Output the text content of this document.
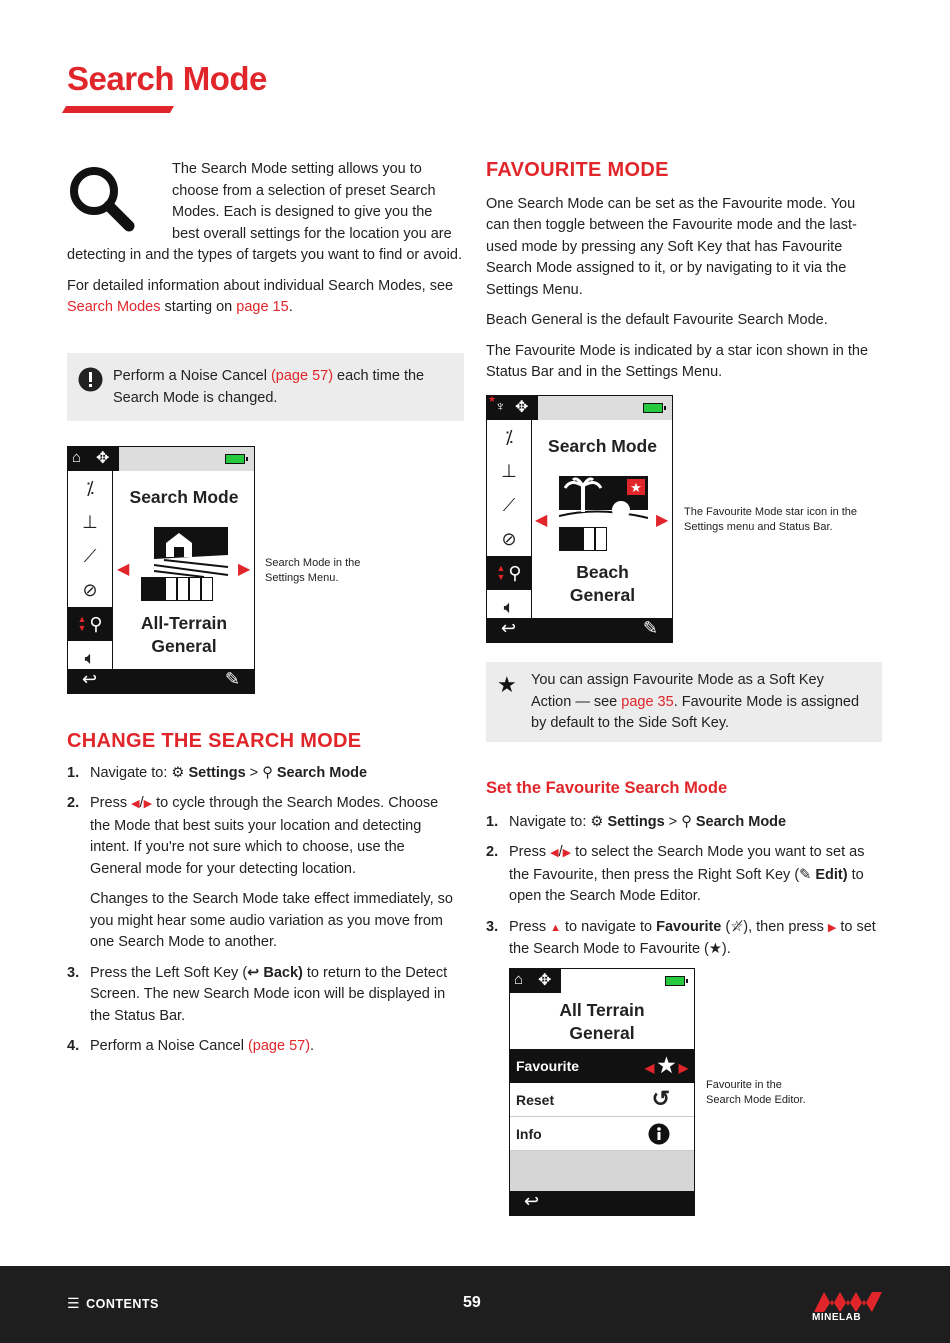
Search Mode

The Search Mode setting allows you to choose from a selection of preset Search Modes. Each is designed to give you the best overall settings for the location you are detecting in and the types of targets you want to find or avoid.

For detailed information about individual Search Modes, see Search Modes starting on page 15.

Perform a Noise Cancel (page 57) each time the Search Mode is changed.
⌂ ✥
⁒
⊥
⟋
⊘
▲
▼ ⚲
🔈︎
Search Mode
◀	▶
All-Terrain
General
↩	✎
Search Mode in the Settings Menu.
CHANGE THE SEARCH MODE
1. Navigate to: ⚙ Settings > ⚲ Search Mode
2. Press ◀/▶ to cycle through the Search Modes. Choose the Mode that best suits your location and detecting intent. If you're not sure which to choose, use the General mode for your detecting location.

Changes to the Search Mode take effect immediately, so you might hear some audio variation as you move from one Search Mode to another.

3. Press the Left Soft Key (↩ Back) to return to the Detect Screen. The new Search Mode icon will be displayed in the Status Bar.
4. Perform a Noise Cancel (page 57).
FAVOURITE MODE

One Search Mode can be set as the Favourite mode. You can then toggle between the Favourite mode and the last-used mode by pressing any Soft Key that has Favourite Search Mode assigned to it, or by navigating to it via the Settings Menu.

Beach General is the default Favourite Search Mode.

The Favourite Mode is indicated by a star icon shown in the Status Bar and in the Settings Menu.

★
♆ ✥
⁒
⊥
⟋
⊘
▲
▼ ⚲
🔈︎
Search Mode
◀	▶
★
Beach
General
↩	✎
The Favourite Mode star icon in the Settings menu and Status Bar.
★ You can assign Favourite Mode as a Soft Key Action — see page 35. Favourite Mode is assigned by default to the Side Soft Key.
Set the Favourite Search Mode
1. Navigate to: ⚙ Settings > ⚲ Search Mode
2. Press ◀/▶ to select the Search Mode you want to set as the Favourite, then press the Right Soft Key (✎ Edit) to open the Search Mode Editor.
3. Press ▲ to navigate to Favourite (☆̸), then press ▶ to set the Search Mode to Favourite (★).
⌂ ✥
All Terrain
General
Favourite	◀ ★ ▶
Reset	↺
Info
↩
Favourite in the Search Mode Editor.
☰ CONTENTS	59
MINELAB
